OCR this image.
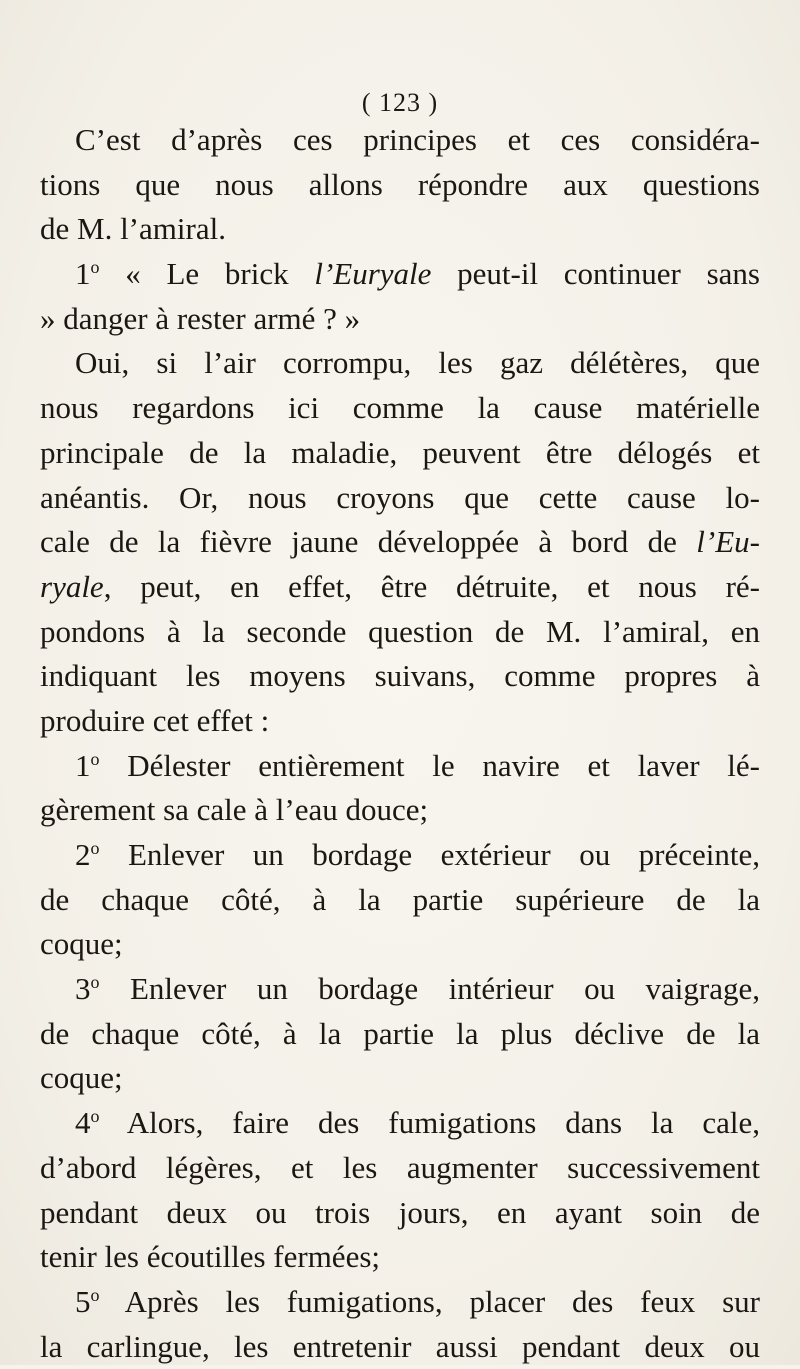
( 123 )
C’est d’après ces principes et ces considéra-
tions que nous allons répondre aux questions
de M. l’amiral.
1$^o$ « Le brick l’Euryale peut-il continuer sans
» danger à rester armé ? »
Oui, si l’air corrompu, les gaz délétères, que
nous regardons ici comme la cause matérielle
principale de la maladie, peuvent être délogés et
anéantis. Or, nous croyons que cette cause lo-
cale de la fièvre jaune développée à bord de l’Eu-
ryale, peut, en effet, être détruite, et nous ré-
pondons à la seconde question de M. l’amiral, en
indiquant les moyens suivans, comme propres à
produire cet effet :
1$^o$ Délester entièrement le navire et laver lé-
gèrement sa cale à l’eau douce;
2$^o$ Enlever un bordage extérieur ou préceinte,
de chaque côté, à la partie supérieure de la
coque;
3$^o$ Enlever un bordage intérieur ou vaigrage,
de chaque côté, à la partie la plus déclive de la
coque;
4$^o$ Alors, faire des fumigations dans la cale,
d’abord légères, et les augmenter successivement
pendant deux ou trois jours, en ayant soin de
tenir les écoutilles fermées;
5$^o$ Après les fumigations, placer des feux sur
la carlingue, les entretenir aussi pendant deux ou
